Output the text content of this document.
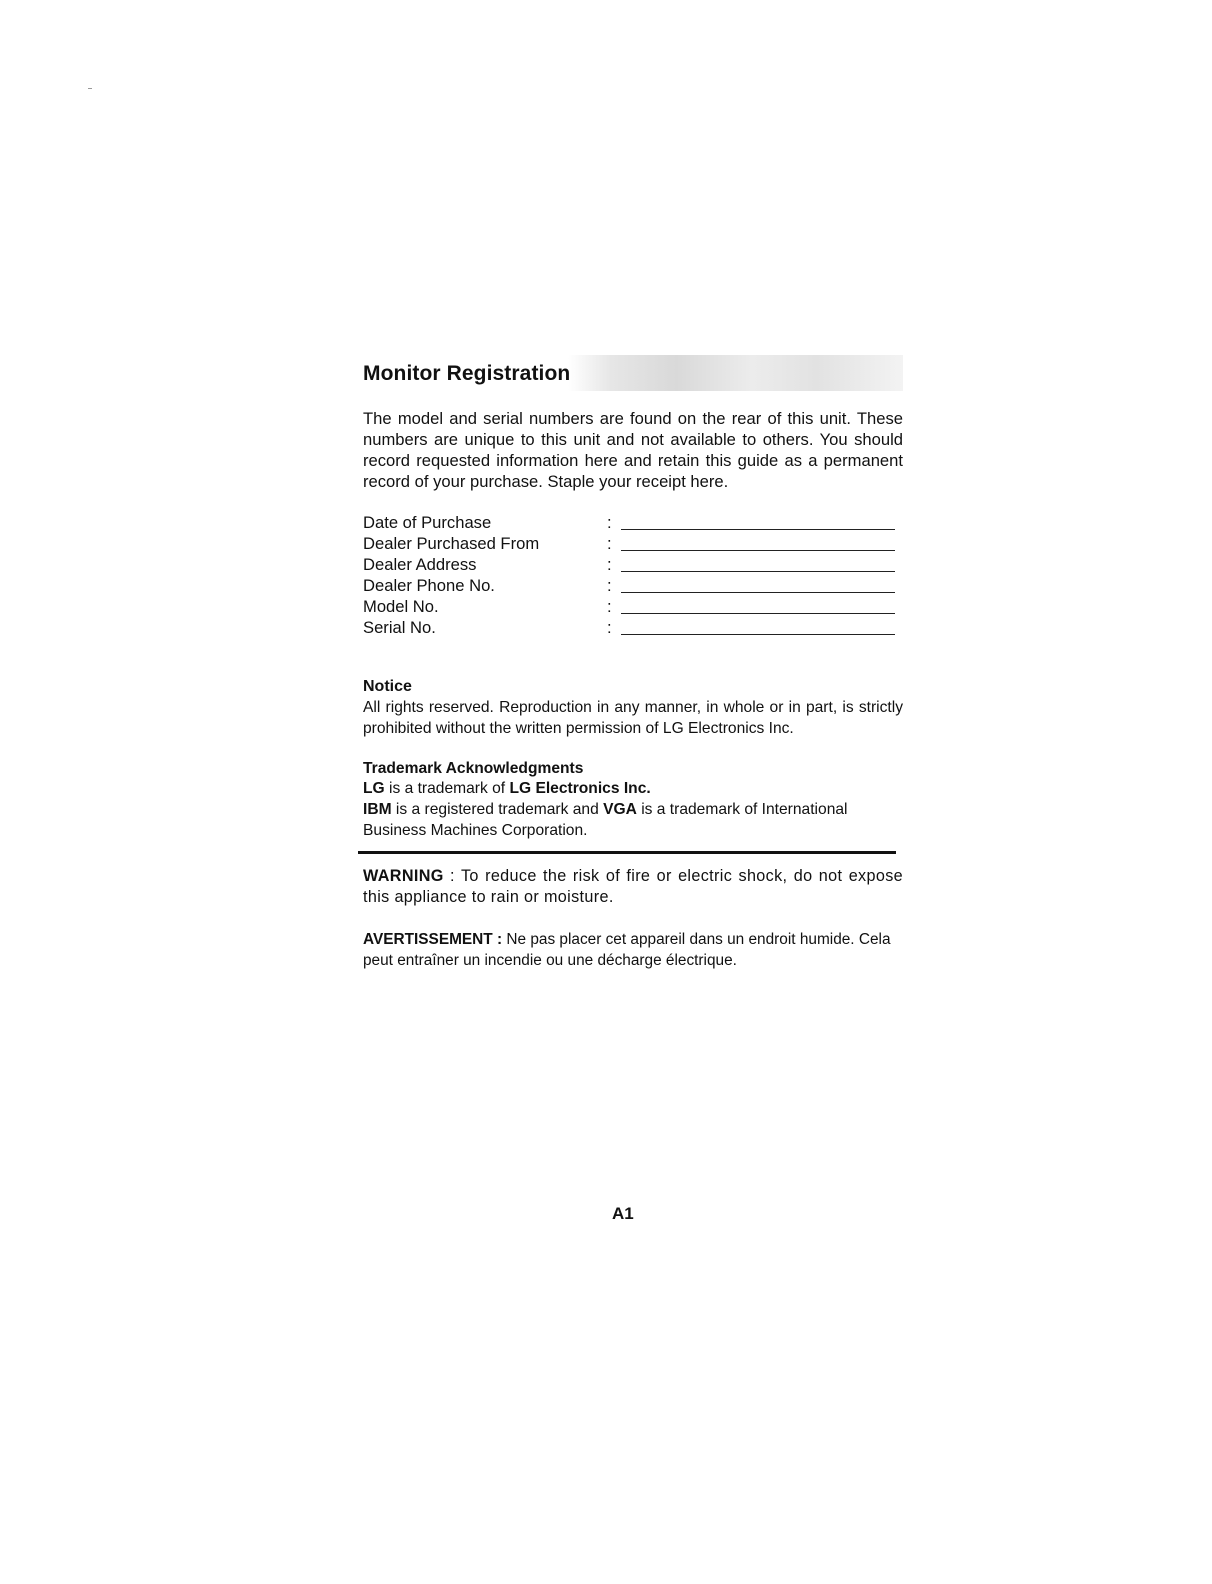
Monitor Registration

The model and serial numbers are found on the rear of this unit. These numbers are unique to this unit and not available to others. You should record requested information here and retain this guide as a permanent record of your purchase. Staple your receipt here.

Date of Purchase	:
Dealer Purchased From	:
Dealer Address	:
Dealer Phone No.	:
Model No.	:
Serial No.	:
Notice
All rights reserved. Reproduction in any manner, in whole or in part, is strictly prohibited without the written permission of LG Electronics Inc.
Trademark Acknowledgments
LG is a trademark of LG Electronics Inc.
IBM is a registered trademark and VGA is a trademark of International Business Machines Corporation.
WARNING : To reduce the risk of fire or electric shock, do not expose this appliance to rain or moisture.
AVERTISSEMENT : Ne pas placer cet appareil dans un endroit humide. Cela peut entraîner un incendie ou une décharge électrique.
A1
